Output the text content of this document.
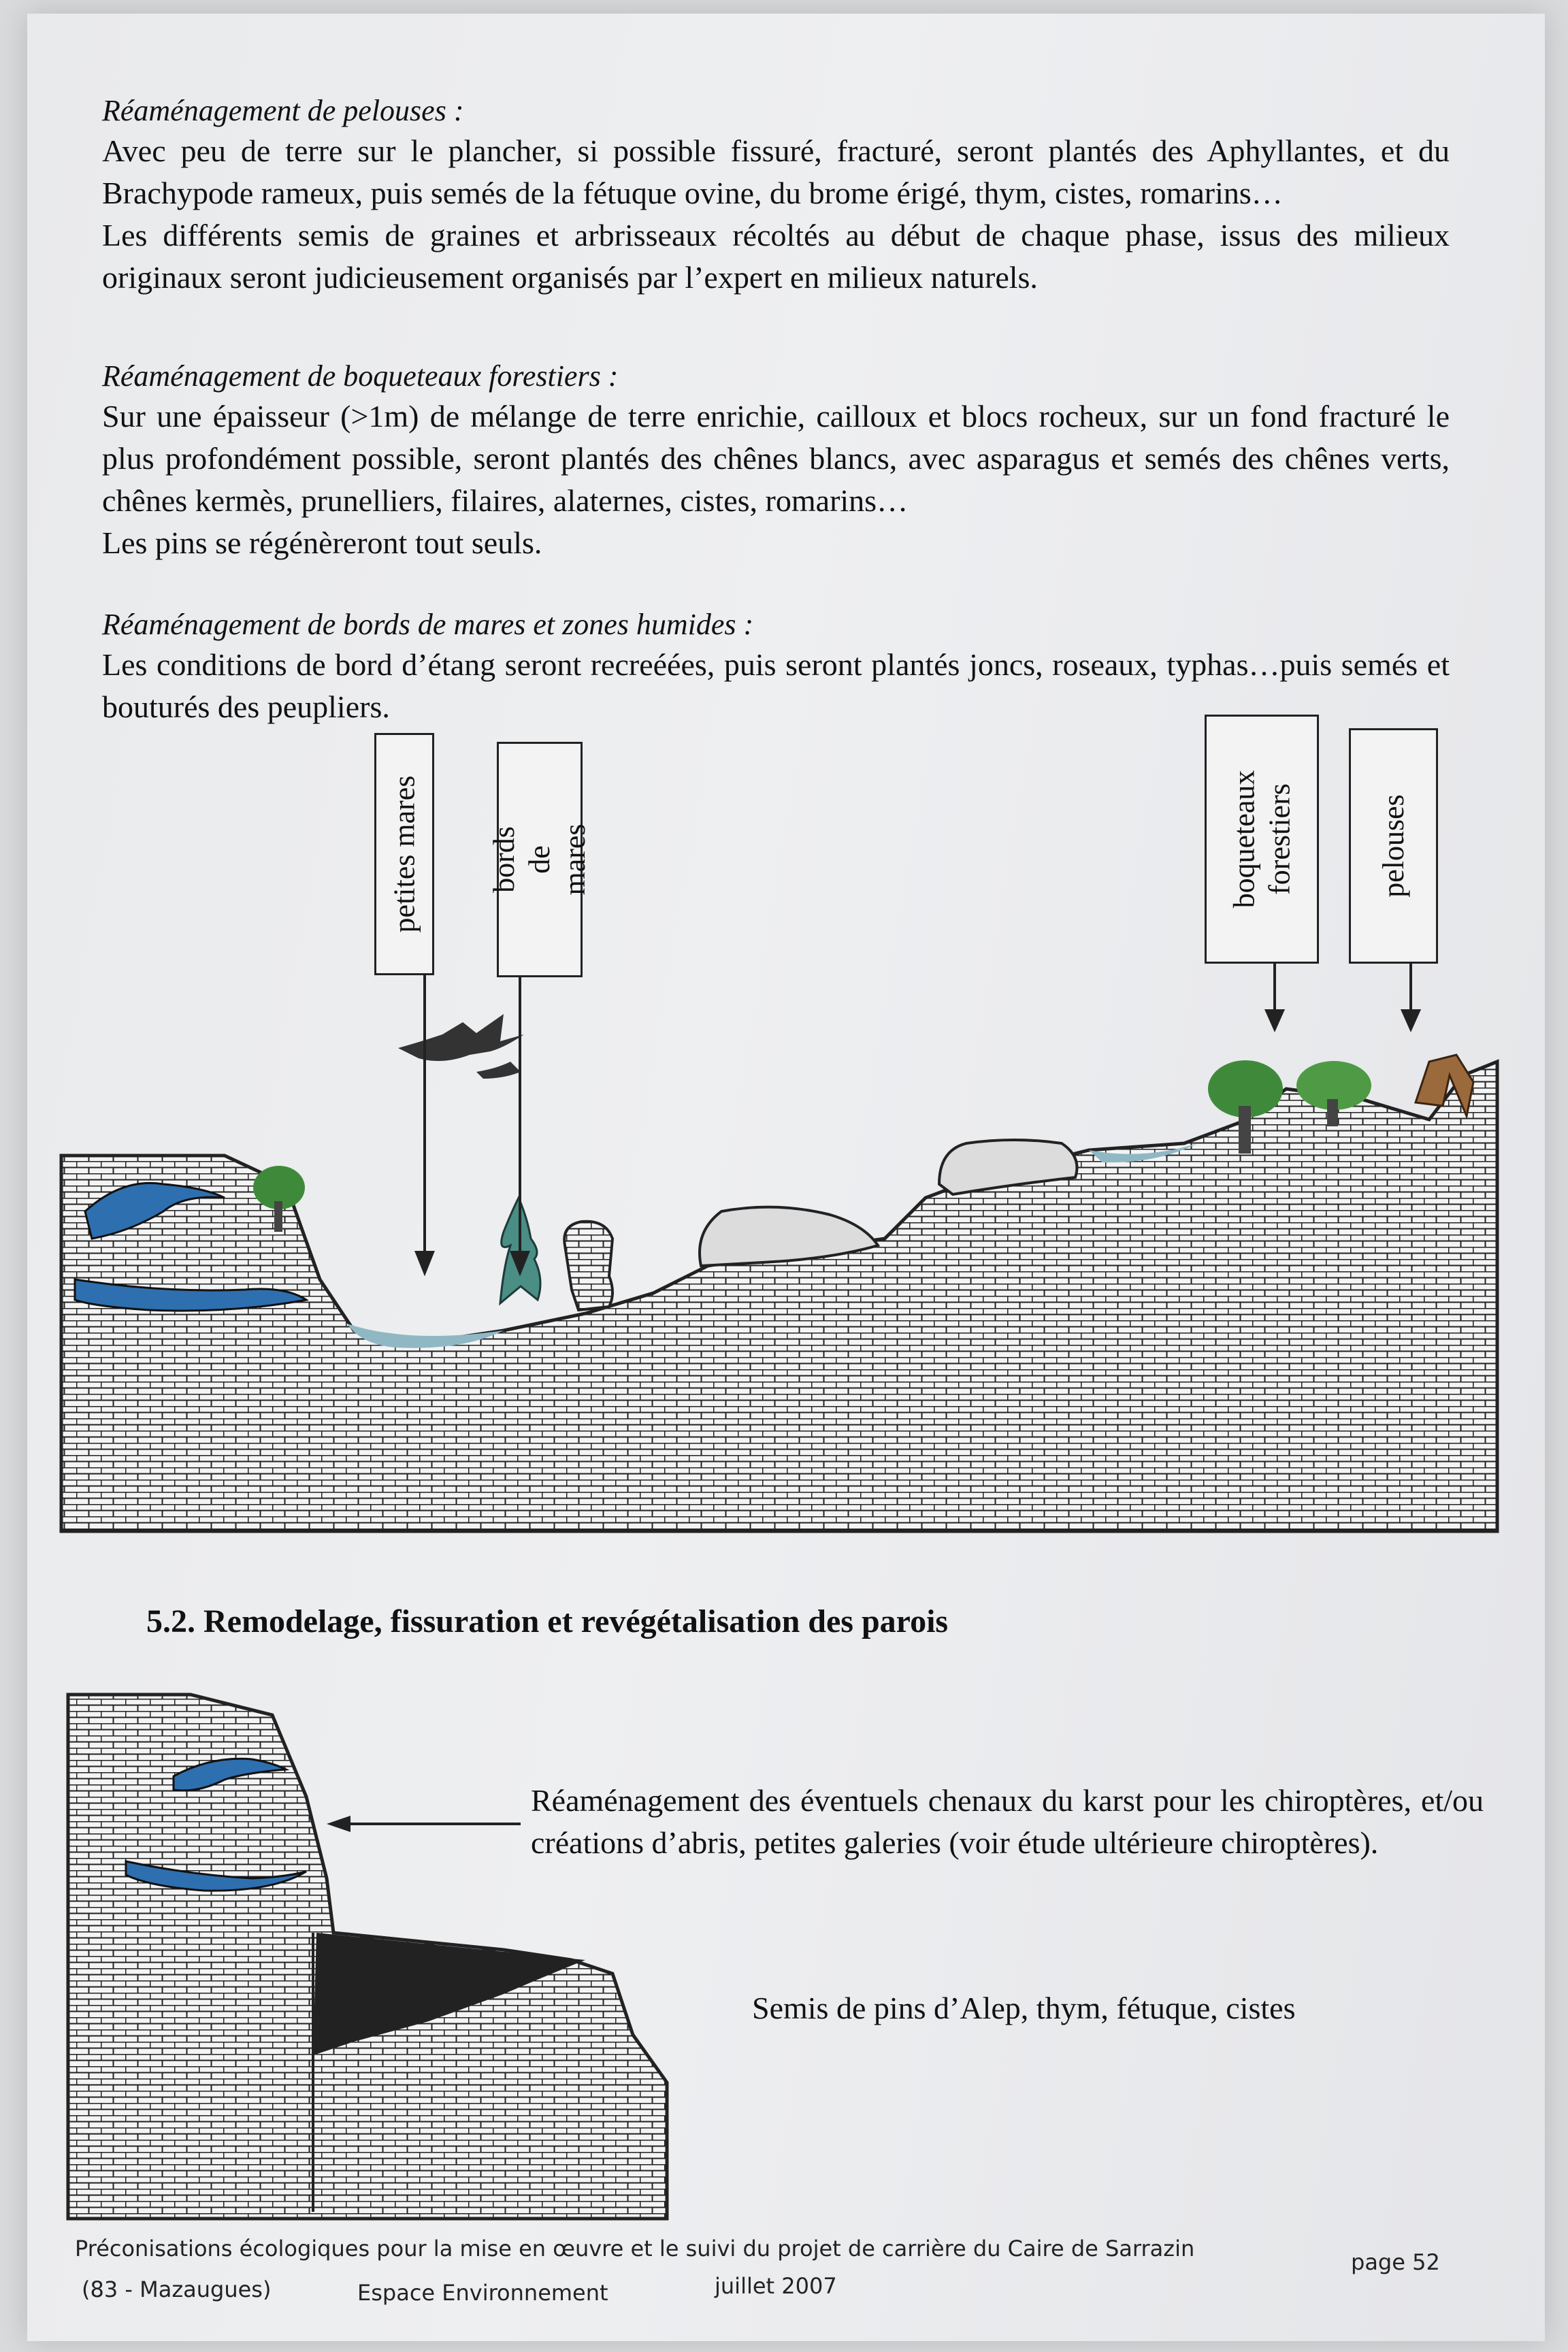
Réaménagement de pelouses :

Avec peu de terre sur le plancher, si possible fissuré, fracturé, seront plantés des Aphyllantes, et du Brachypode rameux, puis semés de la fétuque ovine, du brome érigé, thym, cistes, romarins…

Les différents semis de graines et arbrisseaux récoltés au début de chaque phase, issus des milieux originaux seront judicieusement organisés par l’expert en milieux naturels.

Réaménagement de boqueteaux forestiers :

Sur une épaisseur (>1m) de mélange de terre enrichie, cailloux et blocs rocheux, sur un fond fracturé le plus profondément possible, seront plantés des chênes blancs, avec asparagus et semés des chênes verts, chênes kermès, prunelliers, filaires, alaternes, cistes, romarins…

Les pins se régénèreront tout seuls.

Réaménagement de bords de mares et zones humides :

Les conditions de bord d’étang seront recreéées, puis seront plantés joncs, roseaux, typhas…puis semés et bouturés des peupliers.

petites mares bords de mares	boqueteaux forestiers	pelouses

5.2. Remodelage, fissuration et revégétalisation des parois

Réaménagement des éventuels chenaux du karst pour les chiroptères, et/ou créations d’abris, petites galeries (voir étude ultérieure chiroptères).

Semis de pins d’Alep, thym, fétuque, cistes

Préconisations écologiques pour la mise en œuvre et le suivi du projet de carrière du Caire de Sarrazin
(83 - Mazaugues)	Espace Environnement	juillet 2007
page 52
